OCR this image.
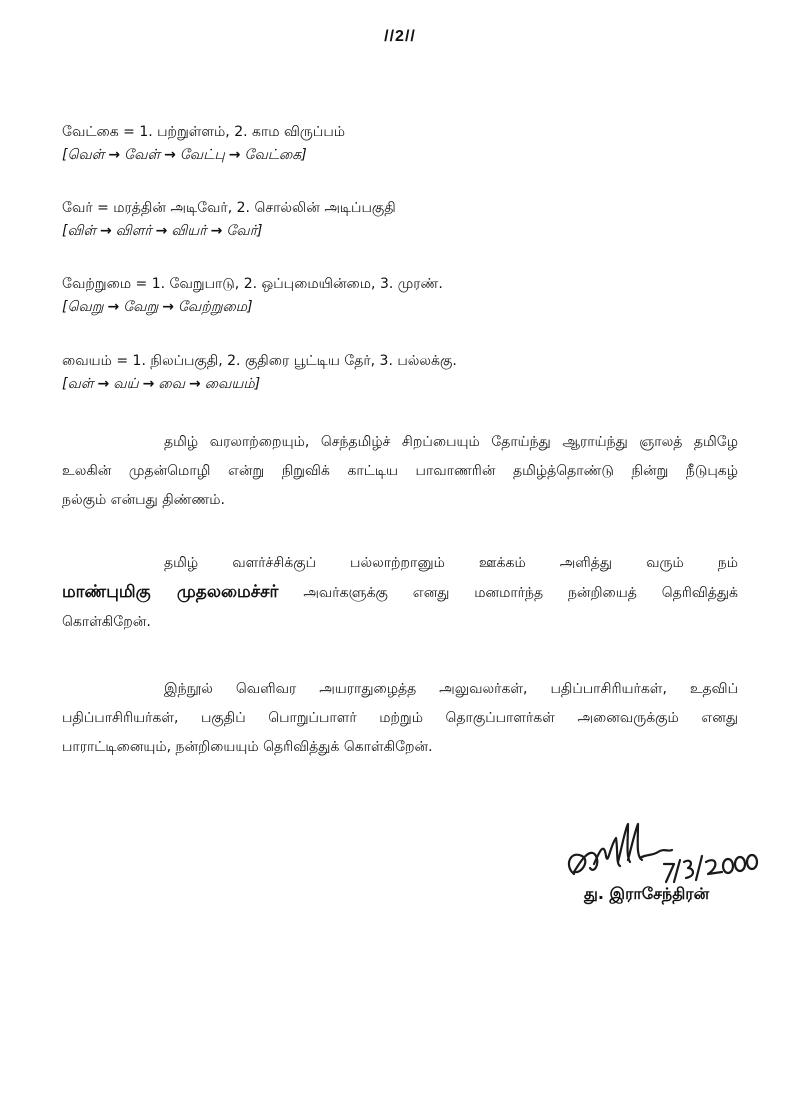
//2//
வேட்கை = 1. பற்றுள்ளம், 2. காம விருப்பம்
[வெள் → வேள் → வேட்பு → வேட்கை]
வேர் = மரத்தின் அடிவேர், 2. சொல்லின் அடிப்பகுதி
[விள் → விளர் → வியர் → வேர்]
வேற்றுமை = 1. வேறுபாடு, 2. ஒப்புமையின்மை, 3. முரண்.
[வெறு → வேறு → வேற்றுமை]
வையம் = 1. நிலப்பகுதி, 2. குதிரை பூட்டிய தேர், 3. பல்லக்கு.
[வள் → வய் → வை → வையம்]
தமிழ் வரலாற்றையும், செந்தமிழ்ச் சிறப்பையும் தோய்ந்து ஆராய்ந்து ஞாலத் தமிழே
உலகின் முதன்மொழி என்று நிறுவிக் காட்டிய பாவாணரின் தமிழ்த்தொண்டு நின்று நீடுபுகழ்
நல்கும் என்பது திண்ணம்.
தமிழ் வளர்ச்சிக்குப் பல்லாற்றானும் ஊக்கம் அளித்து வரும் நம்
மாண்புமிகு முதலமைச்சர் அவர்களுக்கு எனது மனமார்ந்த நன்றியைத் தெரிவித்துக்
கொள்கிறேன்.
இந்நூல் வெளிவர அயராதுழைத்த அலுவலர்கள், பதிப்பாசிரியர்கள், உதவிப்
பதிப்பாசிரியர்கள், பகுதிப் பொறுப்பாளர் மற்றும் தொகுப்பாளர்கள் அனைவருக்கும் எனது
பாராட்டினையும், நன்றியையும் தெரிவித்துக் கொள்கிறேன்.
து. இராசேந்திரன்
